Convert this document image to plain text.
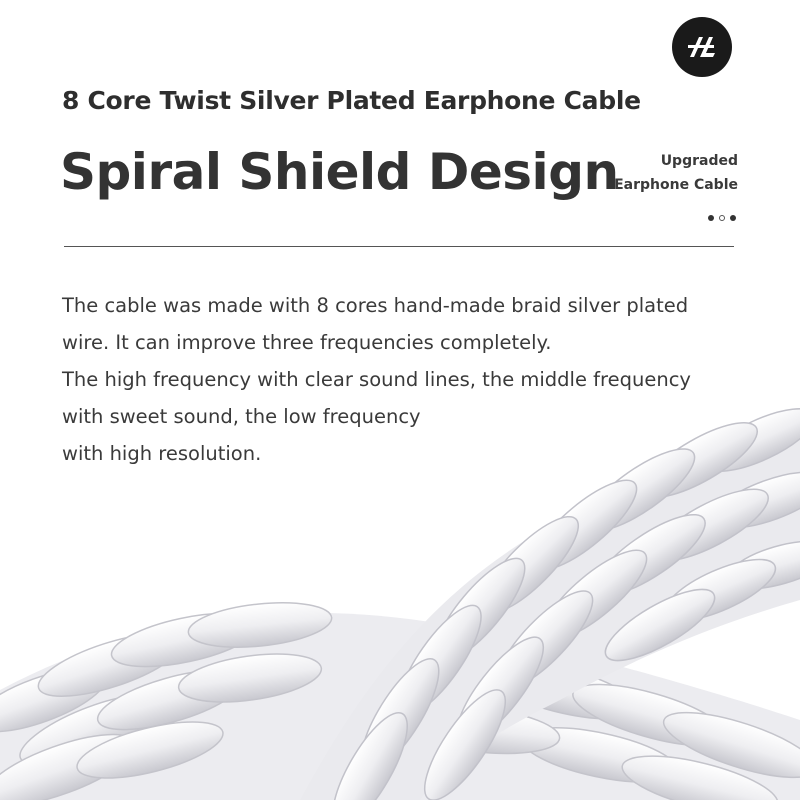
8 Core Twist Silver Plated Earphone Cable
Spiral Shield Design	Upgraded
Earphone Cable
The cable was made with 8 cores hand-made braid silver plated
wire. It can improve three frequencies completely.
The high frequency with clear sound lines, the middle frequency
with sweet sound, the low frequency
with high resolution.
